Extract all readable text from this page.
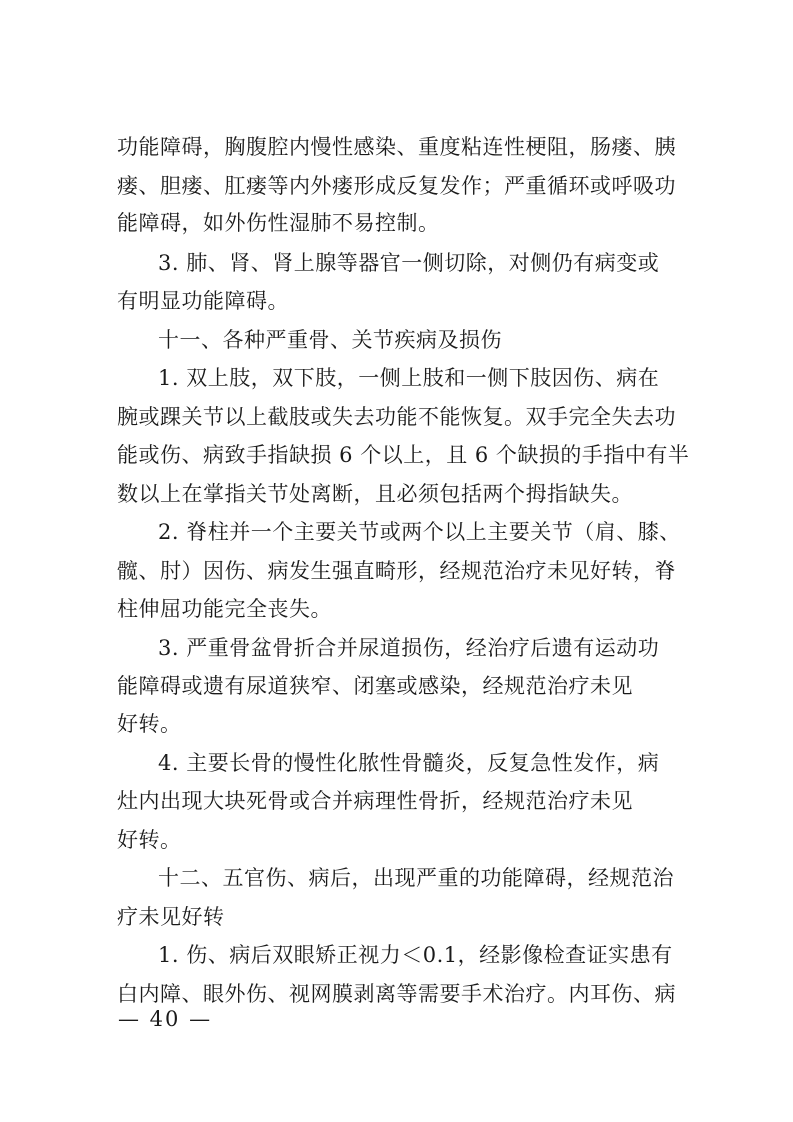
功能障碍，胸腹腔内慢性感染、重度粘连性梗阻，肠瘘、胰
瘘、胆瘘、肛瘘等内外瘘形成反复发作；严重循环或呼吸功
能障碍，如外伤性湿肺不易控制。
3. 肺、肾、肾上腺等器官一侧切除，对侧仍有病变或
有明显功能障碍。
十一、各种严重骨、关节疾病及损伤
1. 双上肢，双下肢，一侧上肢和一侧下肢因伤、病在
腕或踝关节以上截肢或失去功能不能恢复。双手完全失去功
能或伤、病致手指缺损 6 个以上，且 6 个缺损的手指中有半
数以上在掌指关节处离断，且必须包括两个拇指缺失。
2. 脊柱并一个主要关节或两个以上主要关节（肩、膝、
髋、肘）因伤、病发生强直畸形，经规范治疗未见好转，脊
柱伸屈功能完全丧失。
3. 严重骨盆骨折合并尿道损伤，经治疗后遗有运动功
能障碍或遗有尿道狭窄、闭塞或感染，经规范治疗未见
好转。
4. 主要长骨的慢性化脓性骨髓炎，反复急性发作，病
灶内出现大块死骨或合并病理性骨折，经规范治疗未见
好转。
十二、五官伤、病后，出现严重的功能障碍，经规范治
疗未见好转
1. 伤、病后双眼矫正视力＜0.1，经影像检查证实患有
白内障、眼外伤、视网膜剥离等需要手术治疗。内耳伤、病
— 40 —
